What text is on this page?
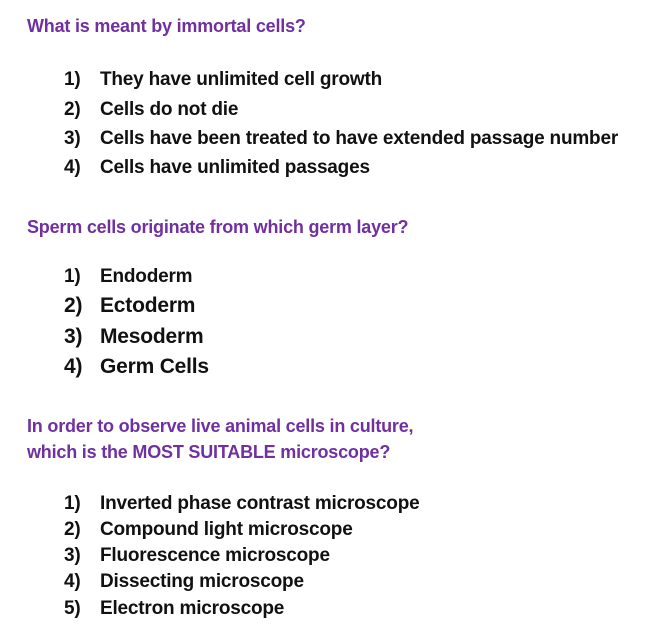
What is meant by immortal cells?
1) They have unlimited cell growth
2) Cells do not die
3) Cells have been treated to have extended passage number
4) Cells have unlimited passages
Sperm cells originate from which germ layer?
1) Endoderm
2) Ectoderm
3) Mesoderm
4) Germ Cells
In order to observe live animal cells in culture,
which is the MOST SUITABLE microscope?
1) Inverted phase contrast microscope
2) Compound light microscope
3) Fluorescence microscope
4) Dissecting microscope
5) Electron microscope
